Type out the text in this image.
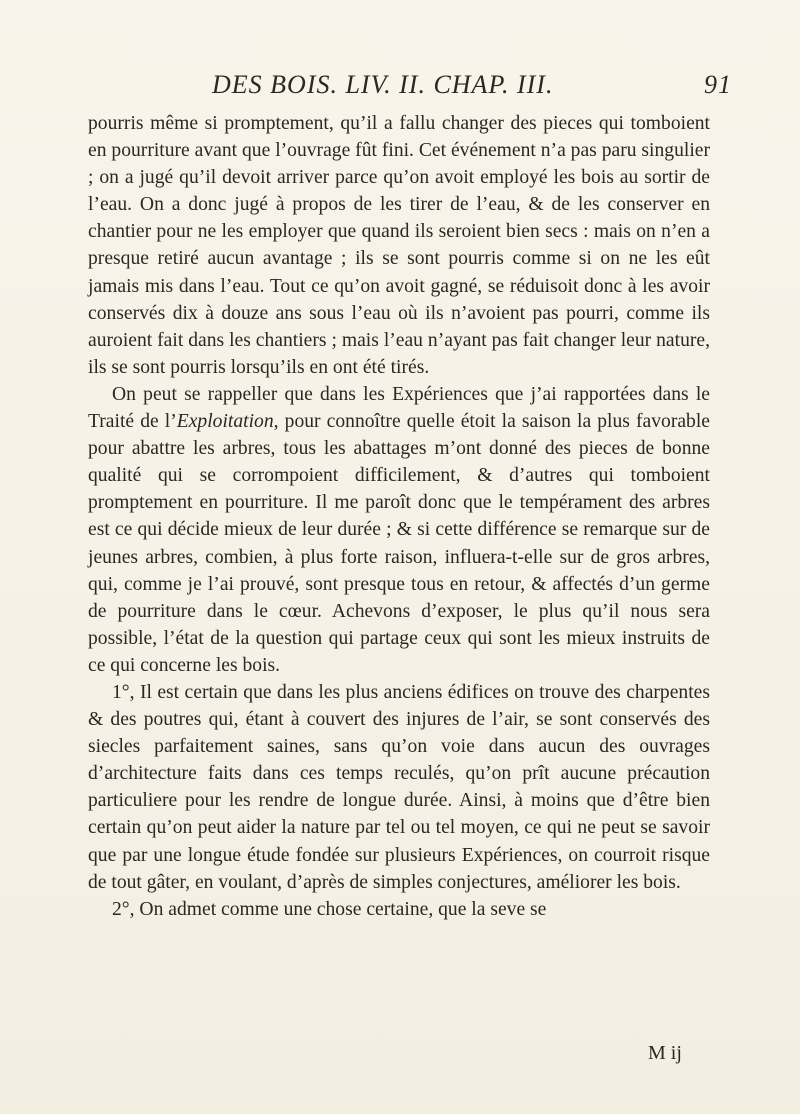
DES BOIS. LIV. II. CHAP. III.	91

pourris même si promptement, qu’il a fallu changer des pieces qui tomboient en pourriture avant que l’ouvrage fût fini. Cet événement n’a pas paru singulier ; on a jugé qu’il devoit arriver parce qu’on avoit employé les bois au sortir de l’eau. On a donc jugé à propos de les tirer de l’eau, & de les conserver en chantier pour ne les employer que quand ils seroient bien secs : mais on n’en a presque retiré aucun avantage ; ils se sont pourris comme si on ne les eût jamais mis dans l’eau. Tout ce qu’on avoit gagné, se réduisoit donc à les avoir conservés dix à douze ans sous l’eau où ils n’avoient pas pourri, comme ils auroient fait dans les chantiers ; mais l’eau n’ayant pas fait changer leur nature, ils se sont pourris lorsqu’ils en ont été tirés.

On peut se rappeller que dans les Expériences que j’ai rapportées dans le Traité de l’Exploitation, pour connoître quelle étoit la saison la plus favorable pour abattre les arbres, tous les abattages m’ont donné des pieces de bonne qualité qui se corrompoient difficilement, & d’autres qui tomboient promptement en pourriture. Il me paroît donc que le tempérament des arbres est ce qui décide mieux de leur durée ; & si cette différence se remarque sur de jeunes arbres, combien, à plus forte raison, influera-t-elle sur de gros arbres, qui, comme je l’ai prouvé, sont presque tous en retour, & affectés d’un germe de pourriture dans le cœur. Achevons d’exposer, le plus qu’il nous sera possible, l’état de la question qui partage ceux qui sont les mieux instruits de ce qui concerne les bois.

1°, Il est certain que dans les plus anciens édifices on trouve des charpentes & des poutres qui, étant à couvert des injures de l’air, se sont conservés des siecles parfaitement saines, sans qu’on voie dans aucun des ouvrages d’architecture faits dans ces temps reculés, qu’on prît aucune précaution particuliere pour les rendre de longue durée. Ainsi, à moins que d’être bien certain qu’on peut aider la nature par tel ou tel moyen, ce qui ne peut se savoir que par une longue étude fondée sur plusieurs Expériences, on courroit risque de tout gâter, en voulant, d’après de simples conjectures, améliorer les bois.

2°, On admet comme une chose certaine, que la seve se

M ij
